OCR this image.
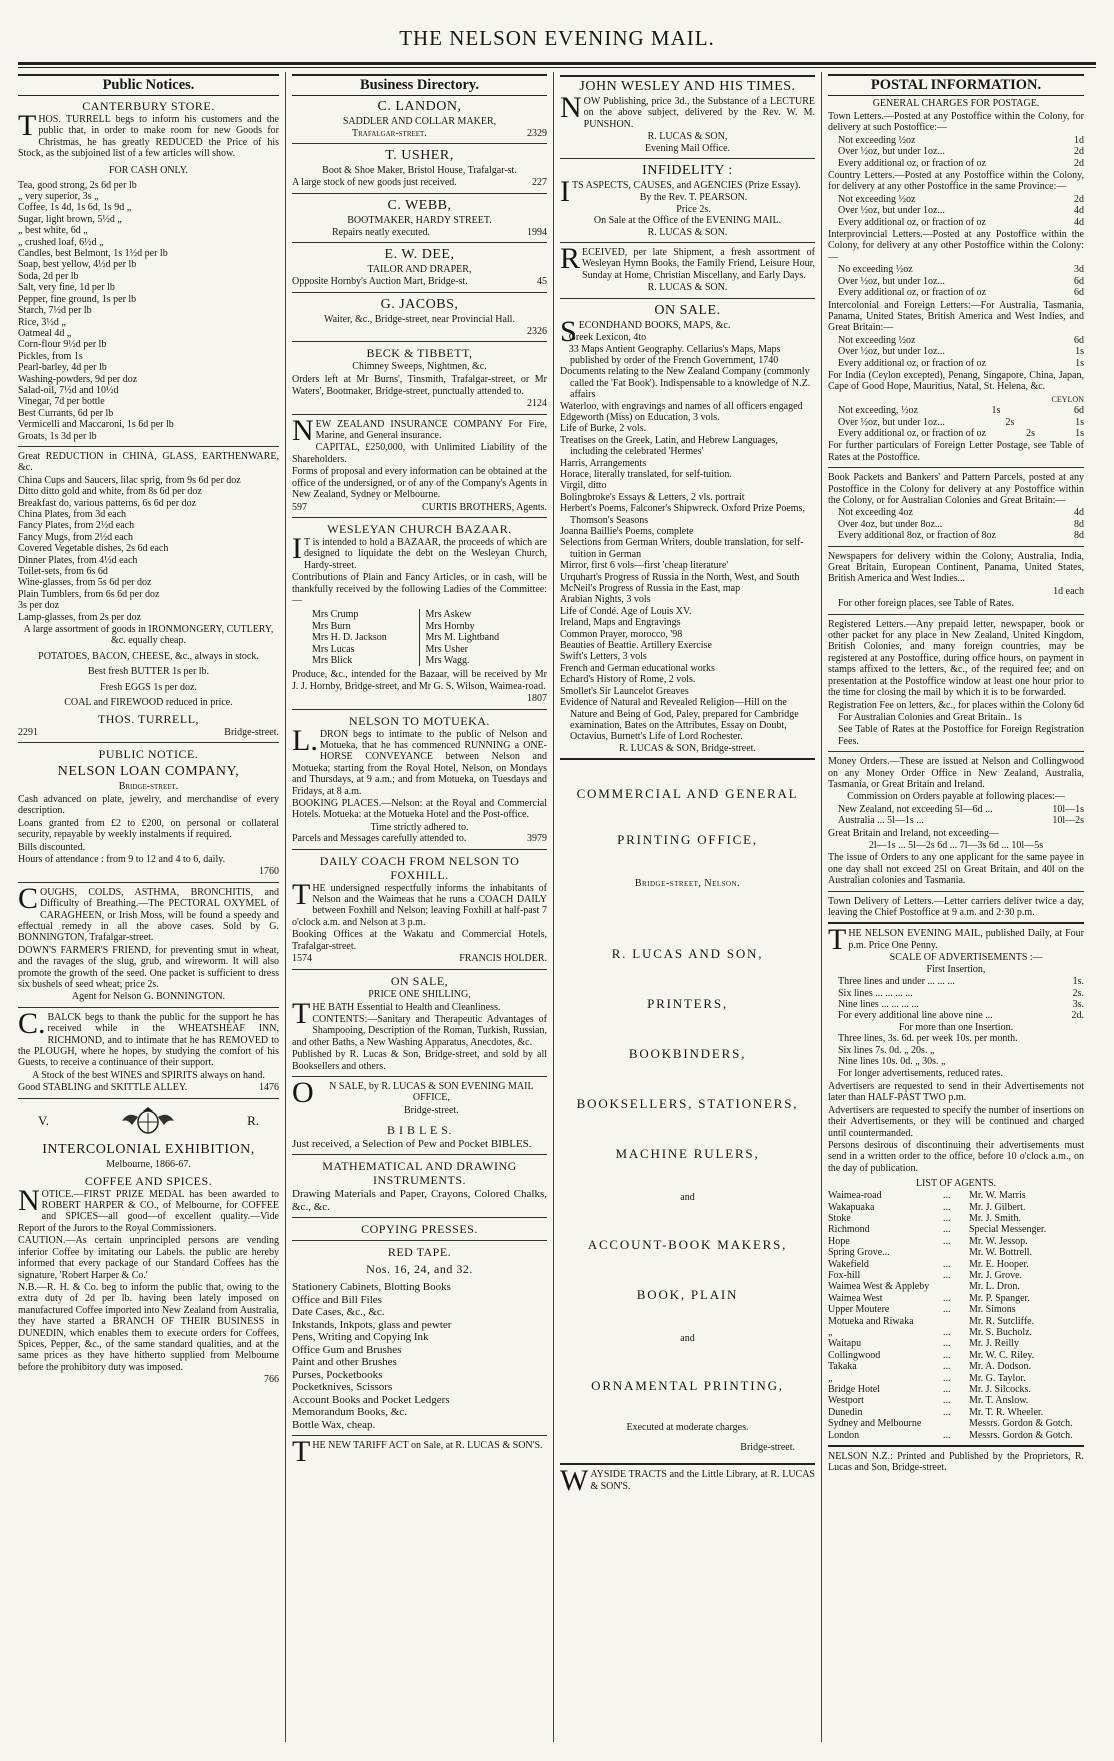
THE NELSON EVENING MAIL.
Public Notices.
CANTERBURY STORE.
THOS. TURRELL begs to inform his customers and the public that, in order to make room for new Goods for Christmas, he has greatly REDUCED the Price of his Stock, as the subjoined list of a few articles will show.
FOR CASH ONLY.
Tea, good strong, 2s 6d per lb
„ very superior, 3s „
Coffee, 1s 4d, 1s 6d, 1s 9d „
Sugar, light brown, 5½d „
„ best white, 6d „
„ crushed loaf, 6½d „
Candles, best Belmont, 1s 1½d per lb
Soap, best yellow, 4½d per lb
Soda, 2d per lb
Salt, very fine, 1d per lb
Pepper, fine ground, 1s per lb
Starch, 7½d per lb
Rice, 3½d „
Oatmeal 4d „
Corn-flour 9½d per lb
Pickles, from 1s
Pearl-barley, 4d per lb
Washing-powders, 9d per doz
Salad-oil, 7½d and 10½d
Vinegar, 7d per bottle
Best Currants, 6d per lb
Vermicelli and Maccaroni, 1s 6d per lb
Groats, 1s 3d per lb
Great REDUCTION in CHINA, GLASS, EARTHENWARE, &c.
China Cups and Saucers, lilac sprig, from 9s 6d per doz
Ditto ditto gold and white, from 8s 6d per doz
Breakfast do, various patterns, 6s 6d per doz
China Plates, from 3d each
Fancy Plates, from 2½d each
Fancy Mugs, from 2½d each
Covered Vegetable dishes, 2s 6d each
Dinner Plates, from 4½d each
Toilet-sets, from 6s 6d
Wine-glasses, from 5s 6d per doz
Plain Tumblers, from 6s 6d per doz
3s per doz
Lamp-glasses, from 2s per doz
A large assortment of goods in IRONMONGERY, CUTLERY, &c. equally cheap.
POTATOES, BACON, CHEESE, &c., always in stock.
Best fresh BUTTER 1s per lb.
Fresh EGGS 1s per doz.
COAL and FIREWOOD reduced in price.
THOS. TURRELL,
2291	Bridge-street.
PUBLIC NOTICE.
NELSON LOAN COMPANY,
Bridge-street.
Cash advanced on plate, jewelry, and merchandise of every description.
Loans granted from £2 to £200, on personal or collateral security, repayable by weekly instalments if required.
Bills discounted.
Hours of attendance : from 9 to 12 and 4 to 6, daily.
1760
COUGHS, COLDS, ASTHMA, BRONCHITIS, and Difficulty of Breathing.—The PECTORAL OXYMEL of CARAGHEEN, or Irish Moss, will be found a speedy and effectual remedy in all the above cases. Sold by G. BONNINGTON, Trafalgar-street.
DOWN'S FARMER'S FRIEND, for preventing smut in wheat, and the ravages of the slug, grub, and wireworm. It will also promote the growth of the seed. One packet is sufficient to dress six bushels of seed wheat; price 2s.
Agent for Nelson G. BONNINGTON.
C.BALCK begs to thank the public for the support he has received while in the WHEATSHEAF INN, RICHMOND, and to intimate that he has REMOVED to the PLOUGH, where he hopes, by studying the comfort of his Guests, to receive a continuance of their support.
A Stock of the best WINES and SPIRITS always on hand.
Good STABLING and SKITTLE ALLEY.	1476
V.	R.
INTERCOLONIAL EXHIBITION,
Melbourne, 1866-67.
COFFEE AND SPICES.
NOTICE.—FIRST PRIZE MEDAL has been awarded to ROBERT HARPER & CO., of Melbourne, for COFFEE and SPICES—all good—of excellent quality.—Vide Report of the Jurors to the Royal Commissioners.
CAUTION.—As certain unprincipled persons are vending inferior Coffee by imitating our Labels. the public are hereby informed that every package of our Standard Coffees has the signature, 'Robert Harper & Co.'
N.B.—R. H. & Co. beg to inform the public that, owing to the extra duty of 2d per lb. having been lately imposed on manufactured Coffee imported into New Zealand from Australia, they have started a BRANCH OF THEIR BUSINESS in DUNEDIN, which enables them to execute orders for Coffees, Spices, Pepper, &c., of the same standard qualities, and at the same prices as they have hitherto supplied from Melbourne before the prohibitory duty was imposed.
766
Business Directory.
C. LANDON,
SADDLER AND COLLAR MAKER,
Trafalgar-street.	2329
T. USHER,
Boot & Shoe Maker, Bristol House, Trafalgar-st.
A large stock of new goods just received.	227
C. WEBB,
BOOTMAKER, HARDY STREET.
Repairs neatly executed.	1994
E. W. DEE,
TAILOR AND DRAPER,
Opposite Hornby's Auction Mart, Bridge-st.	45
G. JACOBS,
Waiter, &c., Bridge-street, near Provincial Hall.
2326
BECK & TIBBETT,
Chimney Sweeps, Nightmen, &c.
Orders left at Mr Burns', Tinsmith, Trafalgar-street, or Mr Waters', Bootmaker, Bridge-street, punctually attended to.
2124
NEW ZEALAND INSURANCE COMPANY For Fire, Marine, and General insurance.
CAPITAL, £250,000, with Unlimited Liability of the Shareholders.
Forms of proposal and every information can be obtained at the office of the undersigned, or of any of the Company's Agents in New Zealand, Sydney or Melbourne.
597	CURTIS BROTHERS, Agents.
WESLEYAN CHURCH BAZAAR.
IT is intended to hold a BAZAAR, the proceeds of which are designed to liquidate the debt on the Wesleyan Church, Hardy-street.
Contributions of Plain and Fancy Articles, or in cash, will be thankfully received by the following Ladies of the Committee:—
Mrs Crump	Mrs Askew
Mrs Burn	Mrs Hornby
Mrs H. D. Jackson	Mrs M. Lightband
Mrs Lucas	Mrs Usher
Mrs Blick	Mrs Wagg.
Produce, &c., intended for the Bazaar, will be received by Mr J. J. Hornby, Bridge-street, and Mr G. S. Wilson, Waimea-road.
1807
NELSON TO MOTUEKA.
L.DRON begs to intimate to the public of Nelson and Motueka, that he has commenced RUNNING a ONE-HORSE CONVEYANCE between Nelson and Motueka; starting from the Royal Hotel, Nelson, on Mondays and Thursdays, at 9 a.m.; and from Motueka, on Tuesdays and Fridays, at 8 a.m.
BOOKING PLACES.—Nelson: at the Royal and Commercial Hotels. Motueka: at the Motueka Hotel and the Post-office.
Time strictly adhered to.
Parcels and Messages carefully attended to.	3979
DAILY COACH FROM NELSON TO FOXHILL.
THE undersigned respectfully informs the inhabitants of Nelson and the Waimeas that he runs a COACH DAILY between Foxhill and Nelson; leaving Foxhill at half-past 7 o'clock a.m. and Nelson at 3 p.m.
Booking Offices at the Wakatu and Commercial Hotels, Trafalgar-street.
1574	FRANCIS HOLDER.
ON SALE,
PRICE ONE SHILLING,
THE BATH Essential to Health and Cleanliness.
CONTENTS:—Sanitary and Therapeutic Advantages of Shampooing, Description of the Roman, Turkish, Russian, and other Baths, a New Washing Apparatus, Anecdotes, &c.
Published by R. Lucas & Son, Bridge-street, and sold by all Booksellers and others.
ON SALE, by R. LUCAS & SON EVENING MAIL OFFICE,
Bridge-street.
B I B L E S.
Just received, a Selection of Pew and Pocket BIBLES.
MATHEMATICAL AND DRAWING INSTRUMENTS.
Drawing Materials and Paper, Crayons, Colored Chalks, &c., &c.
COPYING PRESSES.
RED TAPE.
Nos. 16, 24, and 32.
Stationery Cabinets, Blotting Books
Office and Bill Files
Date Cases, &c., &c.
Inkstands, Inkpots, glass and pewter
Pens, Writing and Copying Ink
Office Gum and Brushes
Paint and other Brushes
Purses, Pocketbooks
Pocketknives, Scissors
Account Books and Pocket Ledgers
Memorandum Books, &c.
Bottle Wax, cheap.
THE NEW TARIFF ACT on Sale, at R. LUCAS & SON'S.
JOHN WESLEY AND HIS TIMES.
NOW Publishing, price 3d., the Substance of a LECTURE on the above subject, delivered by the Rev. W. M. PUNSHON.
R. LUCAS & SON,
Evening Mail Office.
INFIDELITY :
ITS ASPECTS, CAUSES, and AGENCIES (Prize Essay).
By the Rev. T. PEARSON.
Price 2s.
On Sale at the Office of the EVENING MAIL.
R. LUCAS & SON.
RECEIVED, per late Shipment, a fresh assortment of Wesleyan Hymn Books, the Family Friend, Leisure Hour, Sunday at Home, Christian Miscellany, and Early Days.
R. LUCAS & SON.
ON SALE.
SECONDHAND BOOKS, MAPS, &c.
Greek Lexicon, 4to
33 Maps Antient Geography. Cellarius's Maps, Maps published by order of the French Government, 1740
Documents relating to the New Zealand Company (commonly called the 'Fat Book'). Indispensable to a knowledge of N.Z. affairs
Waterloo, with engravings and names of all officers engaged
Edgeworth (Miss) on Education, 3 vols.
Life of Burke, 2 vols.
Treatises on the Greek, Latin, and Hebrew Languages, including the celebrated 'Hermes'
Harris, Arrangements
Horace, literally translated, for self-tuition.
Virgil, ditto
Bolingbroke's Essays & Letters, 2 vls. portrait
Herbert's Poems, Falconer's Shipwreck. Oxford Prize Poems, Thomson's Seasons
Joanna Baillie's Poems, complete
Selections from German Writers, double translation, for self-tuition in German
Mirror, first 6 vols—first 'cheap literature'
Urquhart's Progress of Russia in the North, West, and South
McNeil's Progress of Russia in the East, map
Arabian Nights, 3 vols
Life of Condé. Age of Louis XV.
Ireland, Maps and Engravings
Common Prayer, morocco, '98
Beauties of Beattie. Artillery Exercise
Swift's Letters, 3 vols
French and German educational works
Echard's History of Rome, 2 vols.
Smollet's Sir Launcelot Greaves
Evidence of Natural and Revealed Religion—Hill on the Nature and Being of God, Paley, prepared for Cambridge examination, Bates on the Attributes, Essay on Doubt, Octavius, Burnett's Life of Lord Rochester.
R. LUCAS & SON, Bridge-street.
COMMERCIAL AND GENERAL
PRINTING OFFICE,
Bridge-street, Nelson.
R. LUCAS AND SON,
PRINTERS,
BOOKBINDERS,
BOOKSELLERS, STATIONERS,
MACHINE RULERS,
and
ACCOUNT-BOOK MAKERS,
BOOK, PLAIN
and
ORNAMENTAL PRINTING,
Executed at moderate charges.
Bridge-street.
WAYSIDE TRACTS and the Little Library, at R. LUCAS & SON'S.
POSTAL INFORMATION.
GENERAL CHARGES FOR POSTAGE.
Town Letters.—Posted at any Postoffice within the Colony, for delivery at such Postoffice:—
Not exceeding ½oz	1d
Over ½oz, but under 1oz...	2d
Every additional oz, or fraction of oz	2d
Country Letters.—Posted at any Postoffice within the Colony, for delivery at any other Postoffice in the same Province:—
Not exceeding ½oz	2d
Over ½oz, but under 1oz...	4d
Every additional oz, or fraction of oz	4d
Interprovincial Letters.—Posted at any Postoffice within the Colony, for delivery at any other Postoffice within the Colony:—
No exceeding ½oz	3d
Over ½oz, but under 1oz...	6d
Every additional oz, or fraction of oz	6d
Intercolonial and Foreign Letters:—For Australia, Tasmania, Panama, United States, British America and West Indies, and Great Britain:—
Not exceeding ½oz	6d
Over ½oz, but under 1oz...	1s
Every additional oz, or fraction of oz	1s
For India (Ceylon excepted), Penang, Singapore, China, Japan, Cape of Good Hope, Mauritius, Natal, St. Helena, &c.
CEYLON
Not exceeding, ½oz	1s	6d
Over ½oz, but under 1oz...	2s	1s
Every additional oz, or fraction of oz	2s	1s
For further particulars of Foreign Letter Postage, see Table of Rates at the Postoffice.
Book Packets and Bankers' and Pattern Parcels, posted at any Postoffice in the Colony for delivery at any Postoffice within the Colony, or for Australian Colonies and Great Britain:—
Not exceeding 4oz	4d
Over 4oz, but under 8oz...	8d
Every additional 8oz, or fraction of 8oz	8d
Newspapers for delivery within the Colony, Australia, India, Great Britain, European Continent, Panama, United States, British America and West Indies...
1d each
For other foreign places, see Table of Rates.
Registered Letters.—Any prepaid letter, newspaper, book or other packet for any place in New Zealand, United Kingdom, British Colonies, and many foreign countries, may be registered at any Postoffice, during office hours, on payment in stamps affixed to the letters, &c., of the required fee; and on presentation at the Postoffice window at least one hour prior to the time for closing the mail by which it is to be forwarded.
Registration Fee on letters, &c., for places within the Colony 6d
For Australian Colonies and Great Britain.. 1s
See Table of Rates at the Postoffice for Foreign Registration Fees.
Money Orders.—These are issued at Nelson and Collingwood on any Money Order Office in New Zealand, Australia, Tasmania, or Great Britain and Ireland.
Commission on Orders payable at following places:—
New Zealand, not exceeding 5l—6d ...	10l—1s
Australia ... 5l—1s ...	10l—2s
Great Britain and Ireland, not exceeding—
2l—1s ... 5l—2s 6d ... 7l—3s 6d ... 10l—5s
The issue of Orders to any one applicant for the same payee in one day shall not exceed 25l on Great Britain, and 40l on the Australian colonies and Tasmania.
Town Delivery of Letters.—Letter carriers deliver twice a day, leaving the Chief Postoffice at 9 a.m. and 2·30 p.m.
THE NELSON EVENING MAIL, published Daily, at Four p.m. Price One Penny.
SCALE OF ADVERTISEMENTS :—
First Insertion,
Three lines and under ... ... ...	1s.
Six lines ... ... ... ...	2s.
Nine lines ... ... ... ...	3s.
For every additional line above nine ...	2d.
For more than one Insertion.
Three lines, 3s. 6d. per week 10s. per month.
Six lines 7s. 0d. „ 20s. „
Nine lines 10s. 0d. „ 30s. „
For longer advertisements, reduced rates.
Advertisers are requested to send in their Advertisements not later than HALF-PAST TWO p.m.
Advertisers are requested to specify the number of insertions on their Advertisements, or they will be continued and charged until countermanded.
Persons desirous of discontinuing their advertisements must send in a written order to the office, before 10 o'clock a.m., on the day of publication.
LIST OF AGENTS.
Waimea-road	...	Mr. W. Marris
Wakapuaka	...	Mr. J. Gilbert.
Stoke	...	Mr. J. Smith.
Richmond	...	Special Messenger.
Hope	...	Mr. W. Jessop.
Spring Grove...	Mr. W. Bottrell.
Wakefield	...	Mr. E. Hooper.
Fox-hill	...	Mr. J. Grove.
Waimea West & Appleby	Mr. L. Dron.
Waimea West	...	Mr. P. Spanger.
Upper Moutere	...	Mr. Simons
Motueka and Riwaka	Mr. R. Sutcliffe.
„	...	Mr. S. Bucholz.
Waitapu	...	Mr. J. Reilly
Collingwood	...	Mr. W. C. Riley.
Takaka	...	Mr. A. Dodson.
„	...	Mr. G. Taylor.
Bridge Hotel	...	Mr. J. Silcocks.
Westport	...	Mr. T. Anslow.
Dunedin	...	Mr. T. R. Wheeler.
Sydney and Melbourne	Messrs. Gordon & Gotch.
London	...	Messrs. Gordon & Gotch.
NELSON N.Z.: Printed and Published by the Proprietors, R. Lucas and Son, Bridge-street.
